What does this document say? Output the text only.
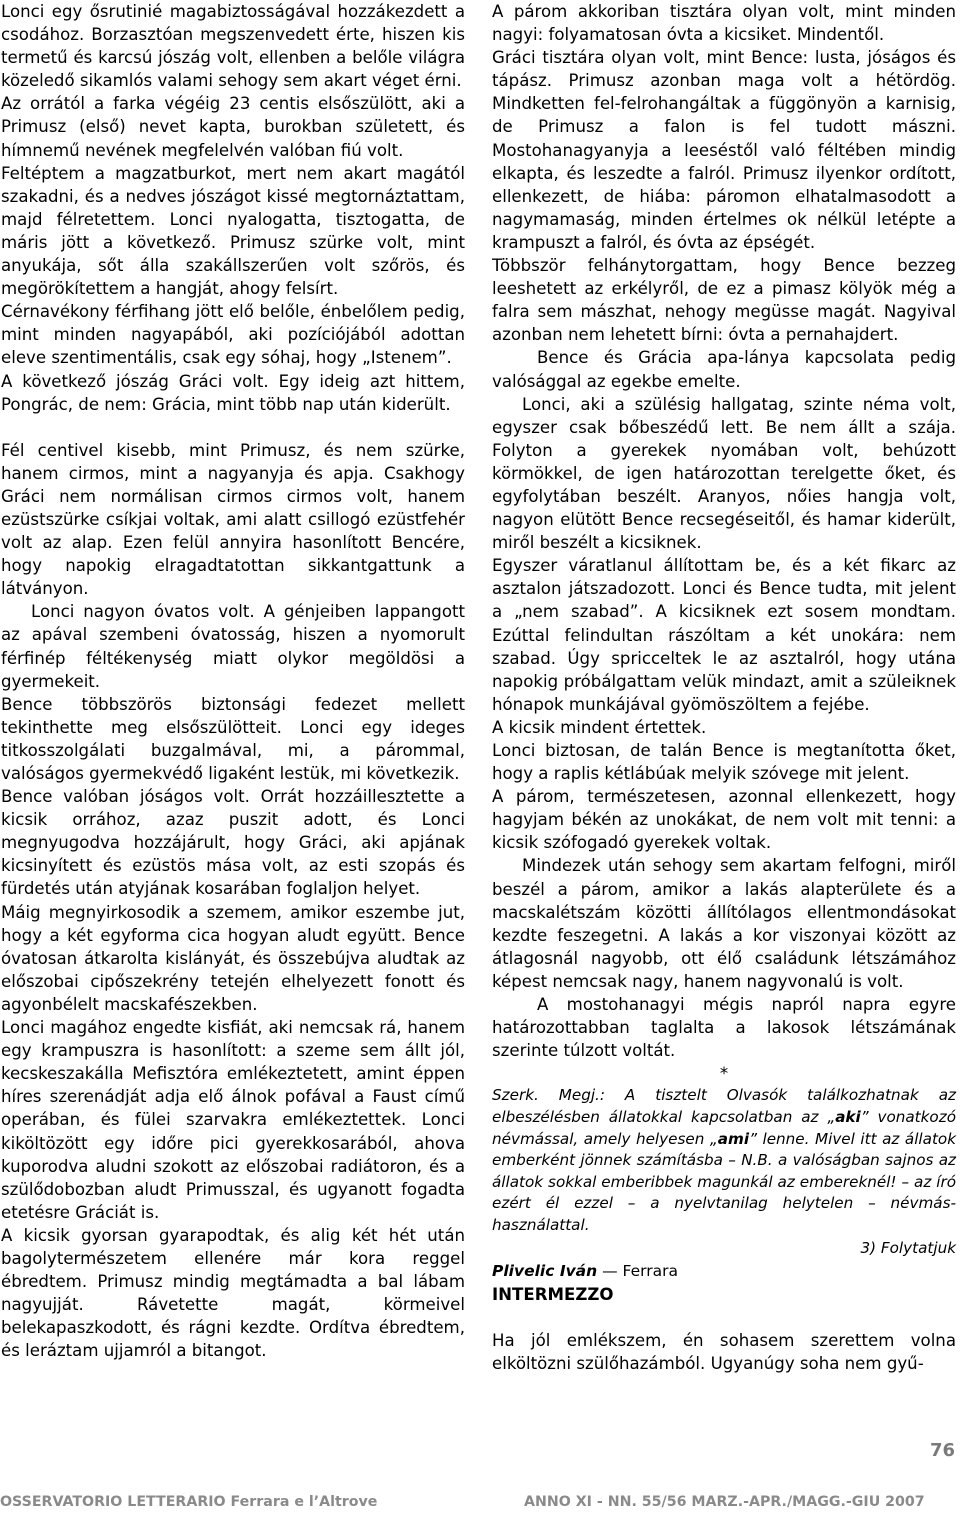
Lonci egy ősrutinié magabiztosságával hozzákezdett a csodához. Borzasztóan megszenvedett érte, hiszen kis termetű és karcsú jószág volt, ellenben a belőle világra közeledő sikamlós valami sehogy sem akart véget érni.

Az orrától a farka végéig 23 centis elsőszülött, aki a Primusz (első) nevet kapta, burokban született, és hímnemű nevének megfelelvén valóban fiú volt.

Feltéptem a magzatburkot, mert nem akart magától szakadni, és a nedves jószágot kissé megtornáztattam, majd félretettem. Lonci nyalogatta, tisztogatta, de máris jött a következő. Primusz szürke volt, mint anyukája, sőt álla szakállszerűen volt szőrös, és megörökítettem a hangját, ahogy felsírt.

Cérnavékony férfihang jött elő belőle, énbelőlem pedig, mint minden nagyapából, aki pozíciójából adottan eleve szentimentális, csak egy sóhaj, hogy „Istenem”.

A következő jószág Gráci volt. Egy ideig azt hittem, Pongrác, de nem: Grácia, mint több nap után kiderült.

Fél centivel kisebb, mint Primusz, és nem szürke, hanem cirmos, mint a nagyanyja és apja. Csakhogy Gráci nem normálisan cirmos cirmos volt, hanem ezüstszürke csíkjai voltak, ami alatt csillogó ezüstfehér volt az alap. Ezen felül annyira hasonlított Bencére, hogy napokig elragadtatottan sikkantgattunk a látványon.

Lonci nagyon óvatos volt. A génjeiben lappangott az apával szembeni óvatosság, hiszen a nyomorult férfinép féltékenység miatt olykor megöldösi a gyermekeit.

Bence többszörös biztonsági fedezet mellett tekinthette meg elsőszülötteit. Lonci egy ideges titkosszolgálati buzgalmával, mi, a párommal, valóságos gyermekvédő ligaként lestük, mi következik.

Bence valóban jóságos volt. Orrát hozzáillesztette a kicsik orrához, azaz puszit adott, és Lonci megnyugodva hozzájárult, hogy Gráci, aki apjának kicsinyített és ezüstös mása volt, az esti szopás és fürdetés után atyjának kosarában foglaljon helyet.

Máig megnyirkosodik a szemem, amikor eszembe jut, hogy a két egyforma cica hogyan aludt együtt. Bence óvatosan átkarolta kislányát, és összebújva aludtak az előszobai cipőszekrény tetején elhelyezett fonott és agyonbélelt macskafészekben.

Lonci magához engedte kisfiát, aki nemcsak rá, hanem egy krampuszra is hasonlított: a szeme sem állt jól, kecskeszakálla Mefisztóra emlékeztetett, amint éppen híres szerenádját adja elő álnok pofával a Faust című operában, és fülei szarvakra emlékeztettek. Lonci kiköltözött egy időre pici gyerekkosarából, ahova kuporodva aludni szokott az előszobai radiátoron, és a szülődobozban aludt Primusszal, és ugyanott fogadta etetésre Gráciát is.

A kicsik gyorsan gyarapodtak, és alig két hét után bagolytermészetem ellenére már kora reggel ébredtem. Primusz mindig megtámadta a bal lábam nagyujját. Rávetette magát, körmeivel belekapaszkodott, és rágni kezdte. Ordítva ébredtem, és leráztam ujjamról a bitangot.

A párom akkoriban tisztára olyan volt, mint minden nagyi: folyamatosan óvta a kicsiket. Mindentől.

Gráci tisztára olyan volt, mint Bence: lusta, jóságos és tápász. Primusz azonban maga volt a hétördög. Mindketten fel-felrohangáltak a függönyön a karnisig, de Primusz a falon is fel tudott mászni. Mostohanagyanyja a leeséstől való féltében mindig elkapta, és leszedte a falról. Primusz ilyenkor ordított, ellenkezett, de hiába: páromon elhatalmasodott a nagymamaság, minden értelmes ok nélkül letépte a krampuszt a falról, és óvta az épségét.

Többször felhánytorgattam, hogy Bence bezzeg leeshetett az erkélyről, de ez a pimasz kölyök még a falra sem mászhat, nehogy megüsse magát. Nagyival azonban nem lehetett bírni: óvta a pernahajdert.

Bence és Grácia apa-lánya kapcsolata pedig valósággal az egekbe emelte.

Lonci, aki a szülésig hallgatag, szinte néma volt, egyszer csak bőbeszédű lett. Be nem állt a szája. Folyton a gyerekek nyomában volt, behúzott körmökkel, de igen határozottan terelgette őket, és egyfolytában beszélt. Aranyos, nőies hangja volt, nagyon elütött Bence recsegéseitől, és hamar kiderült, miről beszélt a kicsiknek.

Egyszer váratlanul állítottam be, és a két fikarc az asztalon játszadozott. Lonci és Bence tudta, mit jelent a „nem szabad”. A kicsiknek ezt sosem mondtam. Ezúttal felindultan rászóltam a két unokára: nem szabad. Úgy spricceltek le az asztalról, hogy utána napokig próbálgattam velük mindazt, amit a szüleiknek hónapok munkájával gyömöszöltem a fejébe.

A kicsik mindent értettek.

Lonci biztosan, de talán Bence is megtanította őket, hogy a raplis kétlábúak melyik szóvege mit jelent.

A párom, természetesen, azonnal ellenkezett, hogy hagyjam békén az unokákat, de nem volt mit tenni: a kicsik szófogadó gyerekek voltak.

Mindezek után sehogy sem akartam felfogni, miről beszél a párom, amikor a lakás alapterülete és a macskalétszám közötti állítólagos ellentmondásokat kezdte feszegetni. A lakás a kor viszonyai között az átlagosnál nagyobb, ott élő családunk létszámához képest nemcsak nagy, hanem nagyvonalú is volt.

A mostohanagyi mégis napról napra egyre határozottabban taglalta a lakosok létszámának szerinte túlzott voltát.

*

Szerk. Megj.: A tisztelt Olvasók találkozhatnak az elbeszélésben állatokkal kapcsolatban az „aki” vonatkozó névmással, amely helyesen „ami” lenne. Mivel itt az állatok emberként jönnek számításba – N.B. a valóságban sajnos az állatok sokkal emberibbek magunkál az embereknél! – az író ezért él ezzel – a nyelvtanilag helytelen – névmás-használattal.

3) Folytatjuk

Plivelic Iván — Ferrara

INTERMEZZO

Ha jól emlékszem, én sohasem szerettem volna elköltözni szülőhazámból. Ugyanúgy soha nem gyű-

76
OSSERVATORIO LETTERARIO Ferrara e l’Altrove	ANNO XI - NN. 55/56 MARZ.-APR./MAGG.-GIU 2007
